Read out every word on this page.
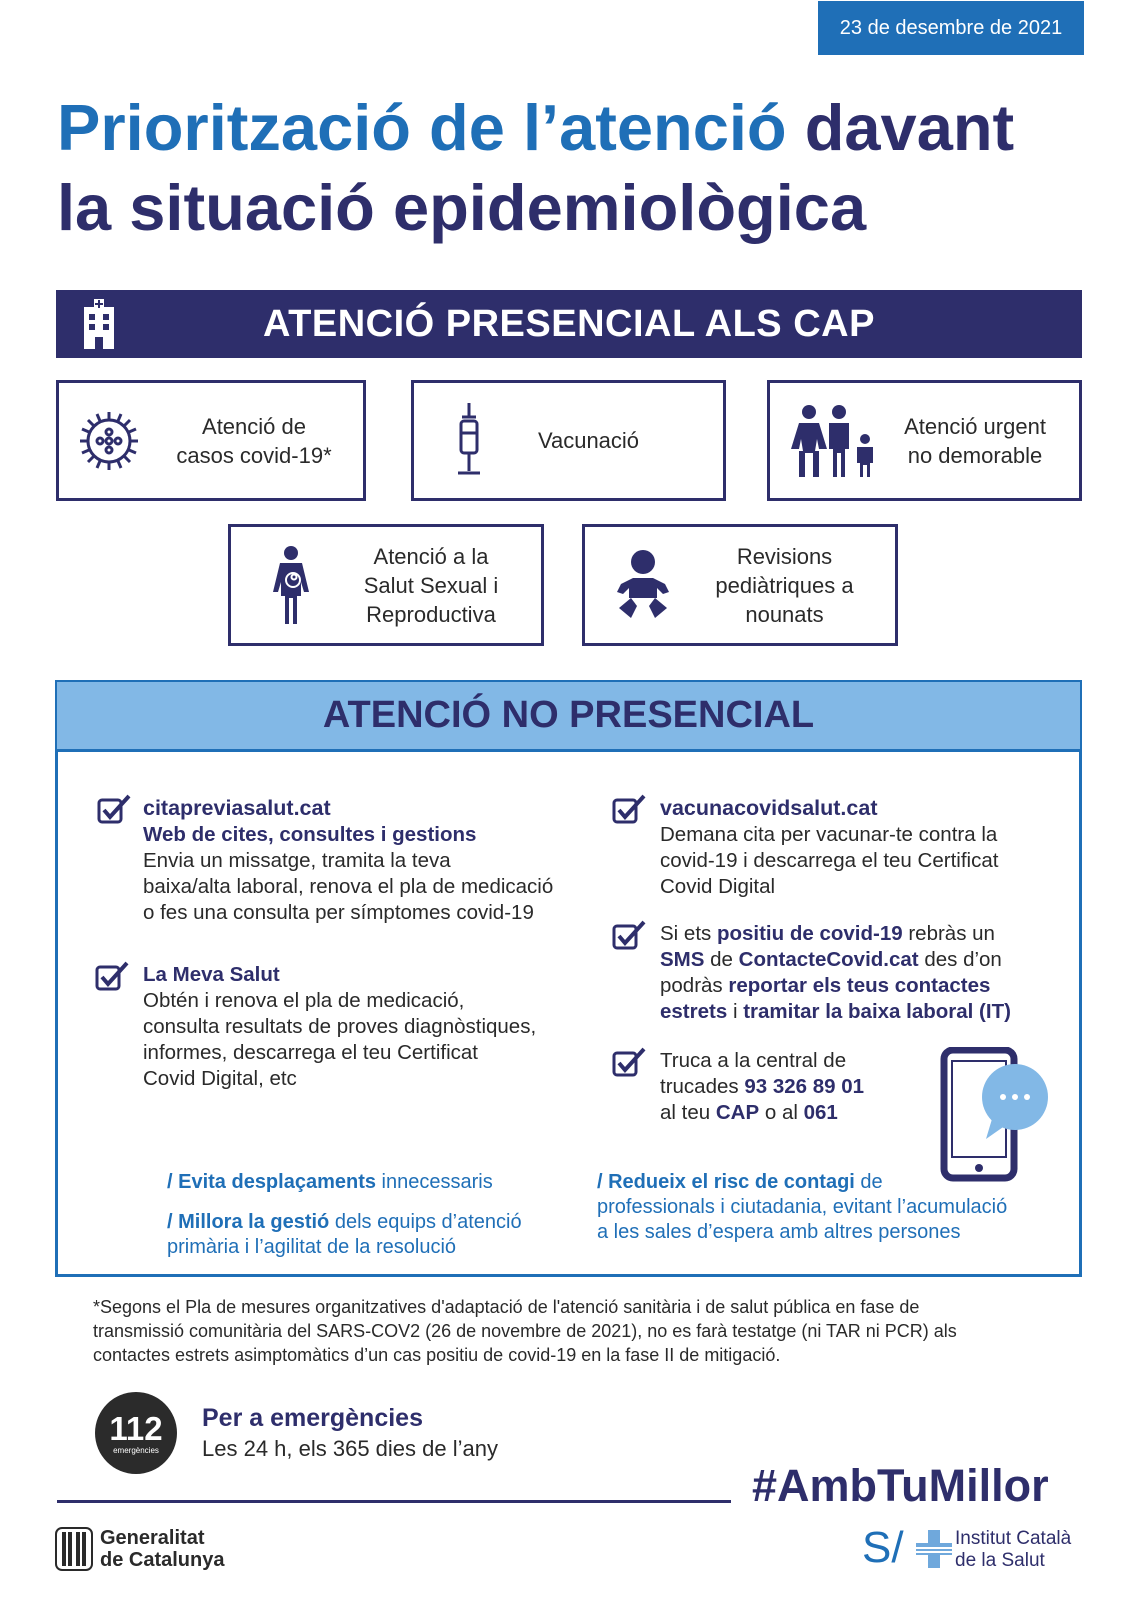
23 de desembre de 2021
Priorització de l’atenció davant
la situació epidemiològica
ATENCIÓ PRESENCIAL ALS CAP
Atenció de
casos covid-19*
Vacunació
Atenció urgent
no demorable
Atenció a la
Salut Sexual i
Reproductiva
Revisions
pediàtriques a
nounats
ATENCIÓ NO PRESENCIAL
citapreviasalut.cat
Web de cites, consultes i gestions
Envia un missatge, tramita la teva
baixa/alta laboral, renova el pla de medicació
o fes una consulta per símptomes covid-19
La Meva Salut
Obtén i renova el pla de medicació,
consulta resultats de proves diagnòstiques,
informes, descarrega el teu Certificat
Covid Digital, etc
vacunacovidsalut.cat
Demana cita per vacunar-te contra la
covid-19 i descarrega el teu Certificat
Covid Digital
Si ets positiu de covid-19 rebràs un
SMS de ContacteCovid.cat des d’on
podràs reportar els teus contactes
estrets i tramitar la baixa laboral (IT)
Truca a la central de
trucades 93 326 89 01
al teu CAP o al 061
/ Evita desplaçaments innecessaris
/ Millora la gestió dels equips d’atenció
primària i l’agilitat de la resolució
/ Redueix el risc de contagi de
professionals i ciutadania, evitant l’acumulació
a les sales d’espera amb altres persones
*Segons el Pla de mesures organitzatives d'adaptació de l'atenció sanitària i de salut pública en fase de
transmissió comunitària del SARS-COV2 (26 de novembre de 2021), no es farà testatge (ni TAR ni PCR) als
contactes estrets asimptomàtics d’un cas positiu de covid-19 en la fase II de mitigació.
112
emergències
Per a emergències
Les 24 h, els 365 dies de l’any
#AmbTuMillor
Generalitat
de Catalunya	S/	Institut Català
de la Salut
